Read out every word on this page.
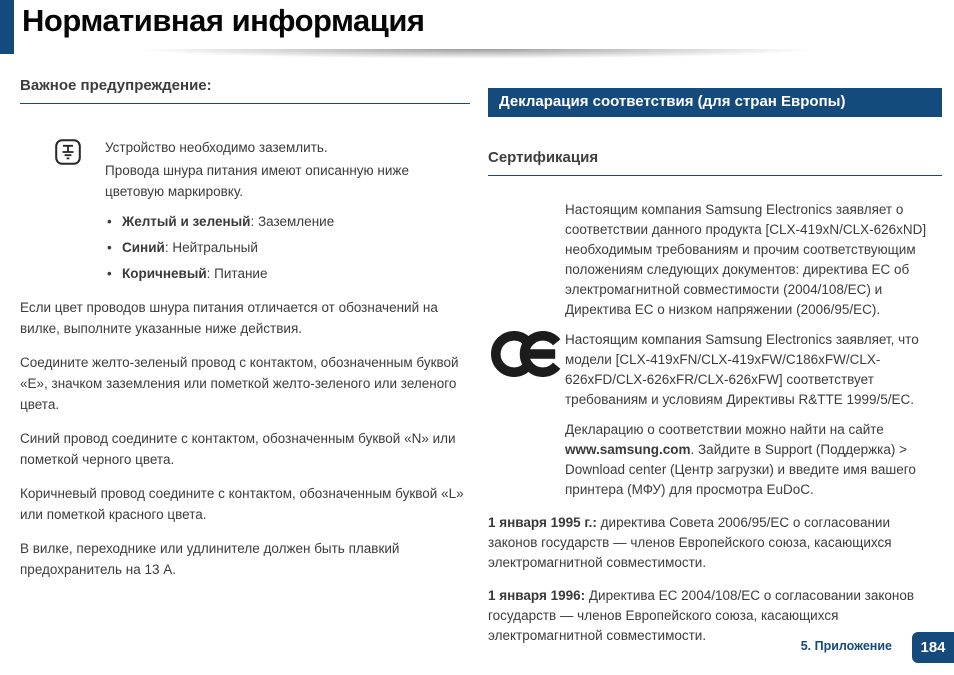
Нормативная информация
Важное предупреждение:

Устройство необходимо заземлить.

Провода шнура питания имеют описанную ниже цветовую маркировку.

• Желтый и зеленый: Заземление
• Синий: Нейтральный
• Коричневый: Питание

Если цвет проводов шнура питания отличается от обозначений на вилке, выполните указанные ниже действия.

Соедините желто-зеленый провод с контактом, обозначенным буквой «Е», значком заземления или пометкой желто-зеленого или зеленого цвета.

Синий провод соедините с контактом, обозначенным буквой «N» или пометкой черного цвета.

Коричневый провод соедините с контактом, обозначенным буквой «L» или пометкой красного цвета.

В вилке, переходнике или удлинителе должен быть плавкий предохранитель на 13 А.

Декларация соответствия (для стран Европы)
Сертификация

Настоящим компания Samsung Electronics заявляет о соответствии данного продукта [CLX-419xN/CLX-626xND] необходимым требованиям и прочим соответствующим положениям следующих документов: директива ЕС об электромагнитной совместимости (2004/108/EC) и Директива ЕС о низком напряжении (2006/95/EC).

Настоящим компания Samsung Electronics заявляет, что модели [CLX-419xFN/CLX-419xFW/C186xFW/CLX-626xFD/CLX-626xFR/CLX-626xFW] соответствует требованиям и условиям Директивы R&TTE 1999/5/EC.

Декларацию о соответствии можно найти на сайте www.samsung.com. Зайдите в Support (Поддержка) > Download center (Центр загрузки) и введите имя вашего принтера (МФУ) для просмотра EuDoC.

1 января 1995 г.: директива Совета 2006/95/EC о согласовании законов государств — членов Европейского союза, касающихся электромагнитной совместимости.

1 января 1996: Директива ЕС 2004/108/EC о согласовании законов государств — членов Европейского союза, касающихся электромагнитной совместимости.

5. Приложение	184
